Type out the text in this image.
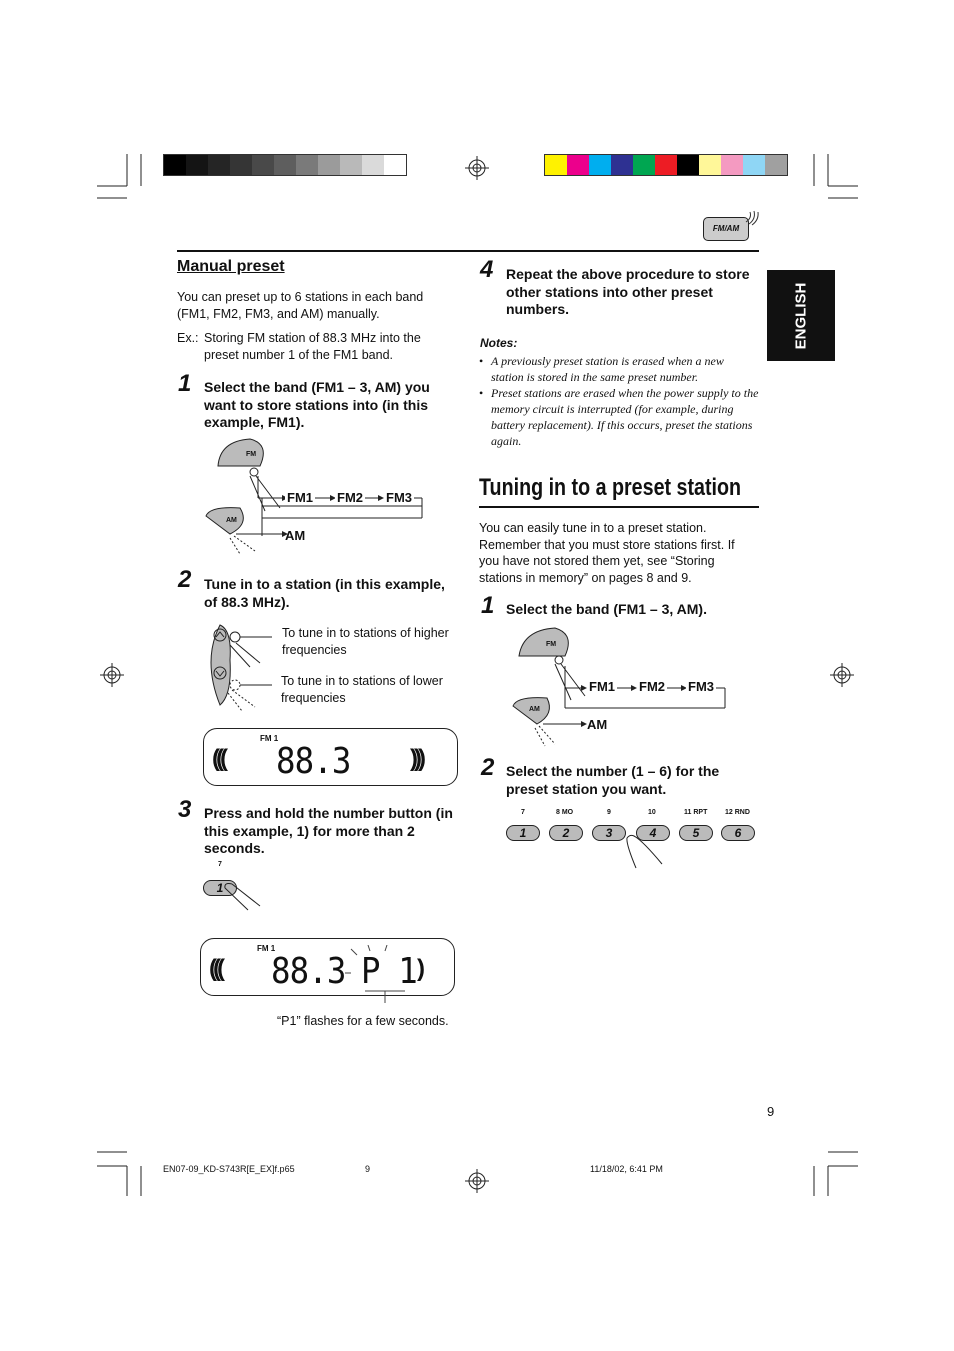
FM/AM
ENGLISH
Manual preset
You can preset up to 6 stations in each band (FM1, FM2, FM3, and AM) manually.
Ex.: Storing FM station of 88.3 MHz into the preset number 1 of the FM1 band.
1 Select the band (FM1 – 3, AM) you want to store stations into (in this example, FM1).
FM
AM
FM1 FM2 FM3
AM
2 Tune in to a station (in this example, of 88.3 MHz).
To tune in to stations of higher frequencies
To tune in to stations of lower frequencies
FM 1
((( 88.3 )))
3 Press and hold the number button (in this example, 1) for more than 2 seconds.
7
1
FM 1
((( 88.3 P 1 )
“P1” flashes for a few seconds.
4 Repeat the above procedure to store other stations into other preset numbers.
Notes:
• A previously preset station is erased when a new station is stored in the same preset number.
• Preset stations are erased when the power supply to the memory circuit is interrupted (for example, during battery replacement). If this occurs, preset the stations again.
Tuning in to a preset station
You can easily tune in to a preset station. Remember that you must store stations first. If you have not stored them yet, see “Storing stations in memory” on pages 8 and 9.
1 Select the band (FM1 – 3, AM).
FM
AM
FM1 FM2 FM3
AM
2 Select the number (1 – 6) for the preset station you want.
7	8 MO	9	10	11 RPT	12 RND
1	2	3	4	5	6
9
EN07-09_KD-S743R[E_EX]f.p65	9	11/18/02, 6:41 PM
